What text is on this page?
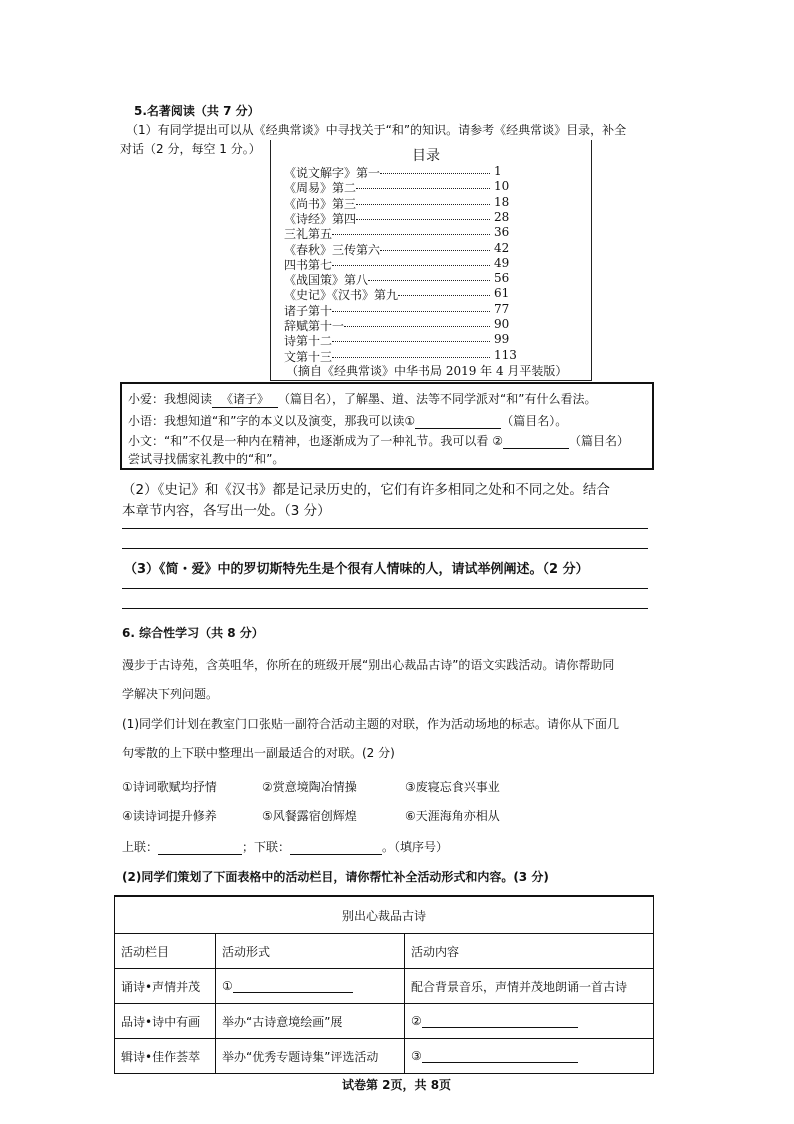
5.名著阅读（共 7 分）
（1）有同学提出可以从《经典常谈》中寻找关于“和”的知识。请参考《经典常谈》目录，补全
对话（2 分，每空 1 分。）	目录
《说文解字》第一	1
《周易》第二	10
《尚书》第三	18
《诗经》第四	28
三礼第五	36
《春秋》三传第六	42
四书第七	49
《战国策》第八	56
《史记》《汉书》第九	61
诸子第十	77
辞赋第十一	90
诗第十二	99
文第十三	113
（摘自《经典常谈》中华书局 2019 年 4 月平装版）
小爱：我想阅读 《诸子》 （篇目名），了解墨、道、法等不同学派对“和”有什么看法。
小语：我想知道“和”字的本义以及演变，那我可以读①	（篇目名）。
小文：“和”不仅是一种内在精神，也逐渐成为了一种礼节。我可以看 ②	（篇目名）
尝试寻找儒家礼教中的“和”。
（2）《史记》和《汉书》都是记录历史的，它们有许多相同之处和不同之处。结合
本章节内容，各写出一处。（3 分）
（3）《简・爱》中的罗切斯特先生是个很有人情味的人，请试举例阐述。（2 分）
6. 综合性学习（共 8 分）
漫步于古诗苑，含英咀华，你所在的班级开展“别出心裁品古诗”的语文实践活动。请你帮助同
学解决下列问题。
(1)同学们计划在教室门口张贴一副符合活动主题的对联，作为活动场地的标志。请你从下面几
句零散的上下联中整理出一副最适合的对联。(2 分)
①诗词歌赋均抒情	②赏意境陶冶情操	③废寝忘食兴事业
④读诗词提升修养	⑤风餐露宿创辉煌	⑥天涯海角亦相从
上联：	；下联：	。（填序号）
(2)同学们策划了下面表格中的活动栏目，请你帮忙补全活动形式和内容。(3 分)
别出心裁品古诗		
活动栏目	活动形式	活动内容
诵诗•声情并茂	①	配合背景音乐，声情并茂地朗诵一首古诗
品诗•诗中有画	举办“古诗意境绘画”展	②
辑诗•佳作荟萃	举办“优秀专题诗集”评选活动	③
试卷第 2页，共 8页
